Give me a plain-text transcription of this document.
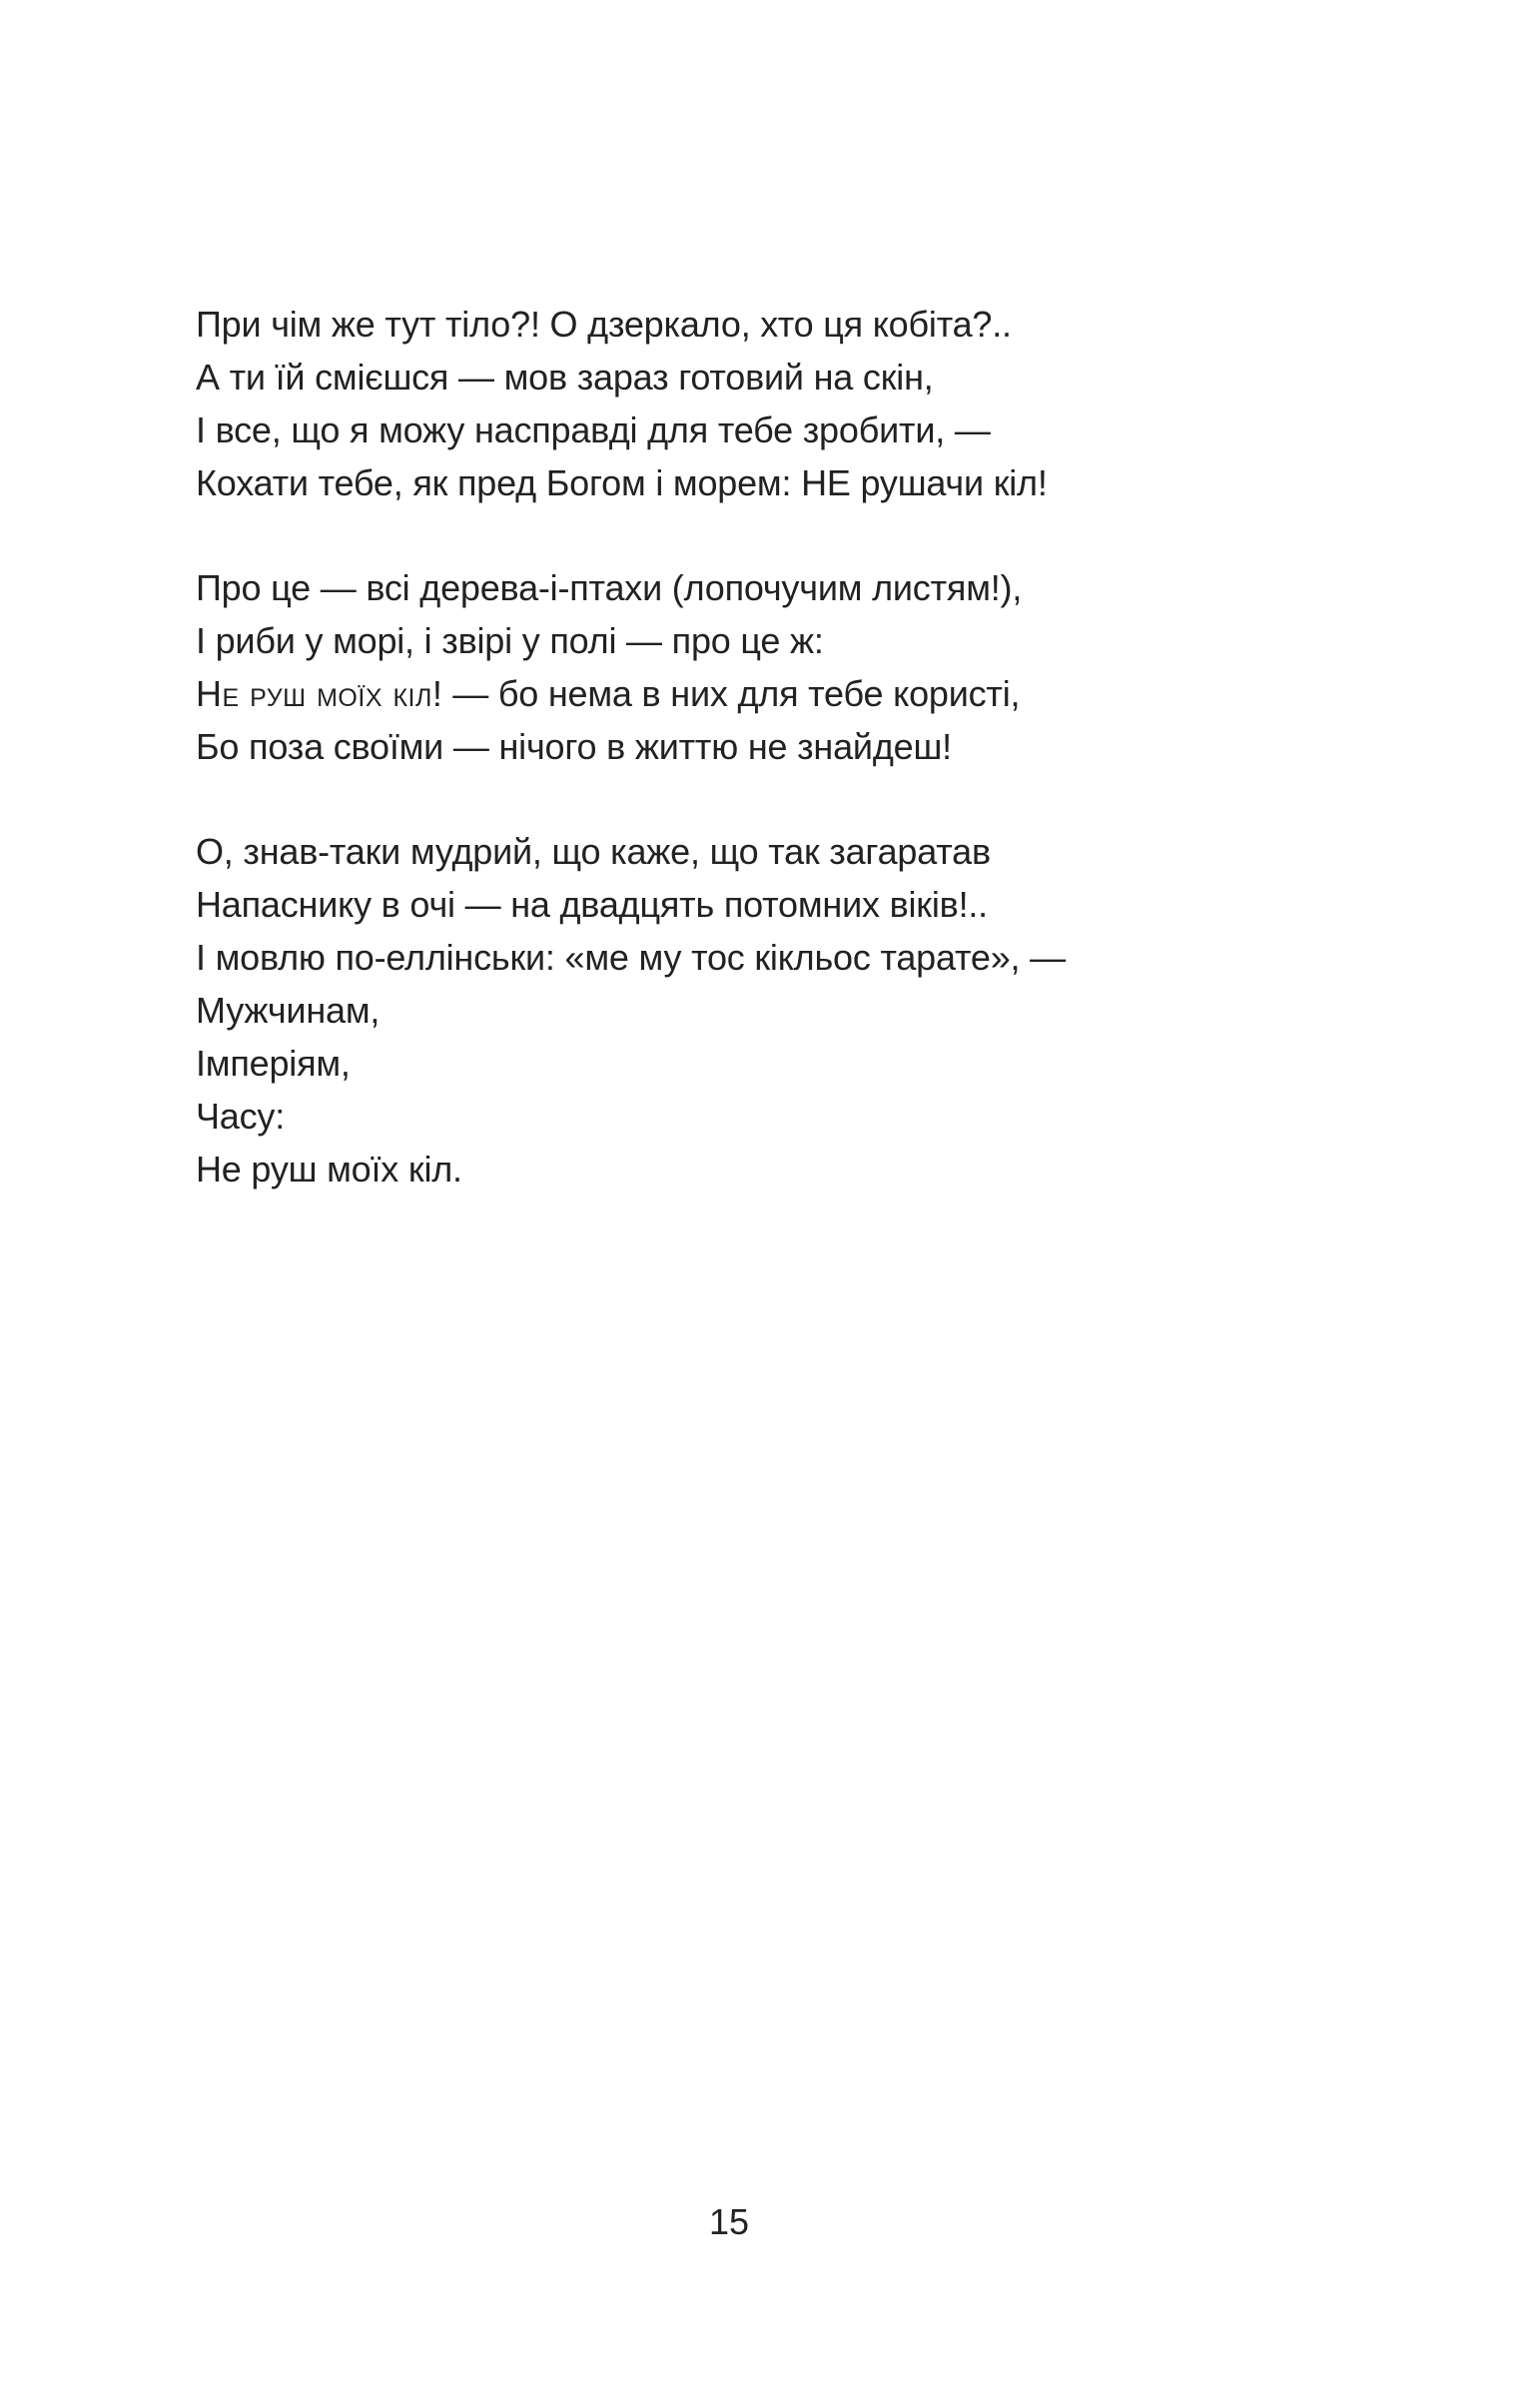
При чім же тут тіло?! О дзеркало, хто ця кобіта?..
А ти їй смієшся — мов зараз готовий на скін,
І все, що я можу насправді для тебе зробити, —
Кохати тебе, як пред Богом і морем: НЕ рушачи кіл!
Про це — всі дерева-і-птахи (лопочучим листям!),
І риби у морі, і звірі у полі — про це ж:
Не руш моїх кіл! — бо нема в них для тебе користі,
Бо поза своїми — нічого в життю не знайдеш!
О, знав-таки мудрий, що каже, що так загаратав
Напаснику в очі — на двадцять потомних віків!..
І мовлю по-еллінськи: «ме му тос кікльос тарате», —
Мужчинам,
Імперіям,
Часу:
Не руш моїх кіл.
15
